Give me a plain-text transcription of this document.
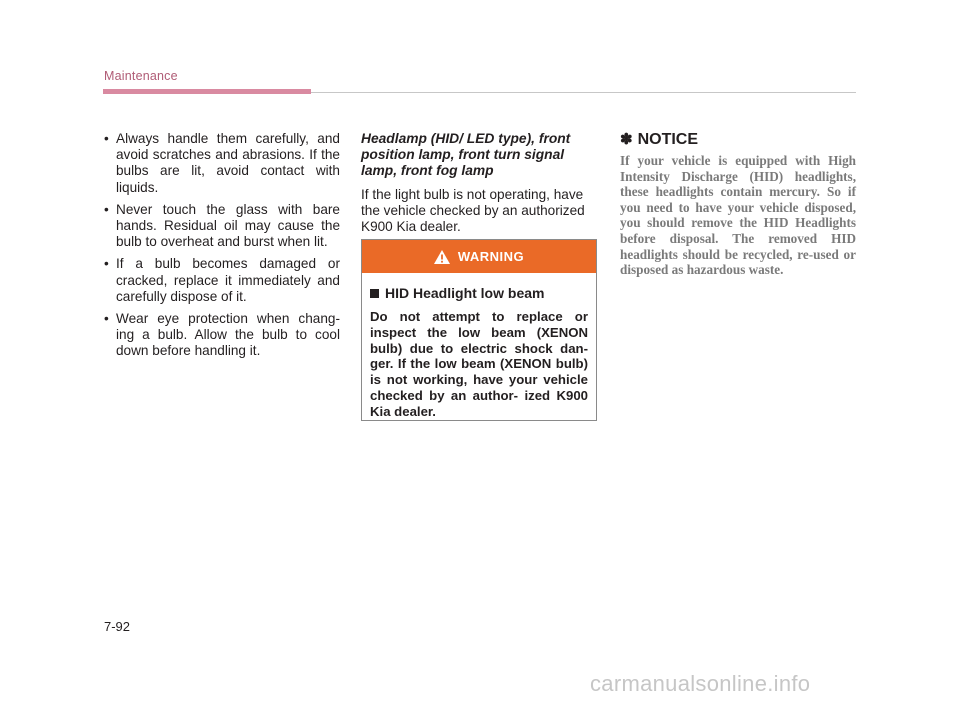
Maintenance
• Always handle them carefully, and avoid scratches and abrasions. If the bulbs are lit, avoid contact with liquids.
• Never touch the glass with bare hands. Residual oil may cause the bulb to overheat and burst when lit.
• If a bulb becomes damaged or cracked, replace it immediately and carefully dispose of it.
• Wear eye protection when chang- ing a bulb. Allow the bulb to cool down before handling it.

Headlamp (HID/ LED type), front position lamp, front turn signal lamp, front fog lamp

If the light bulb is not operating, have the vehicle checked by an authorized K900 Kia dealer.

WARNING

HID Headlight low beam

Do not attempt to replace or inspect the low beam (XENON bulb) due to electric shock dan- ger. If the low beam (XENON bulb) is not working, have your vehicle checked by an author- ized K900 Kia dealer.

✽ NOTICE

If your vehicle is equipped with High Intensity Discharge (HID) headlights, these headlights contain mercury. So if you need to have your vehicle disposed, you should remove the HID Headlights before disposal. The removed HID headlights should be recycled, re-used or disposed as hazardous waste.

7-92
carmanualsonline.info
